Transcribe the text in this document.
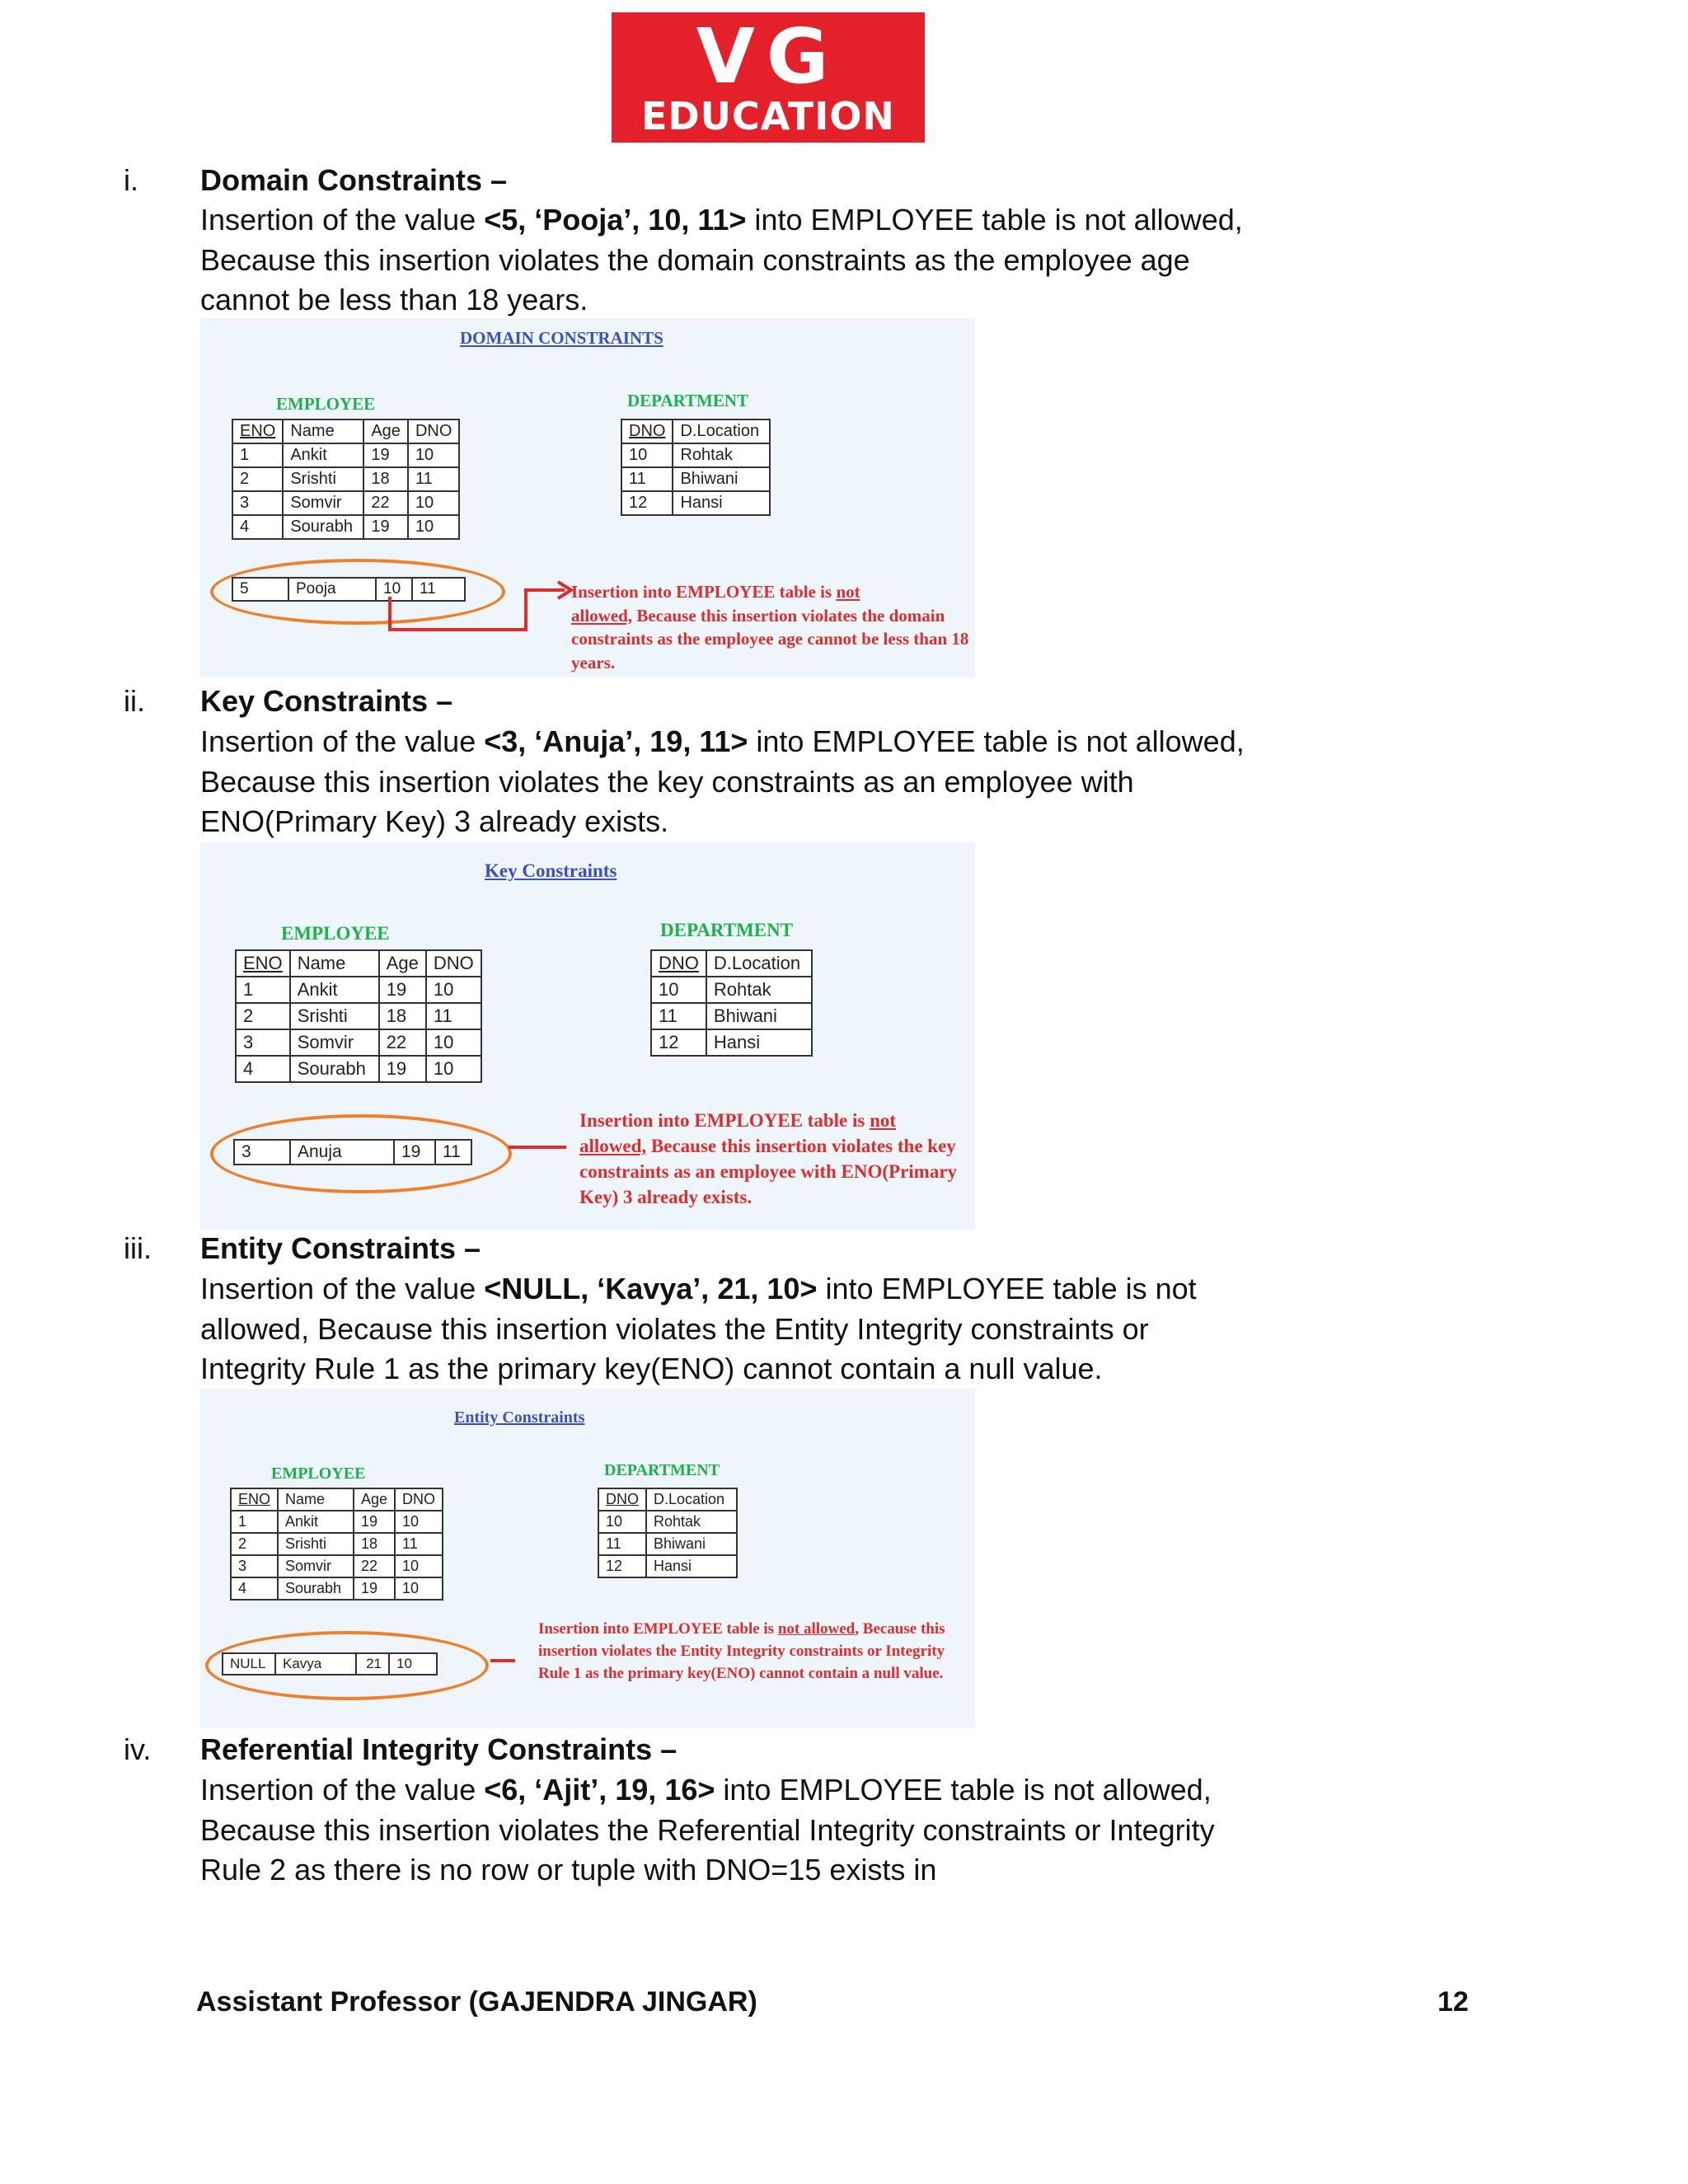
VG
EDUCATION
i.	Domain Constraints –

Insertion of the value <5, ‘Pooja’, 10, 11> into EMPLOYEE table is not allowed,

Because this insertion violates the domain constraints as the employee age cannot be less than 18 years.

DOMAIN CONSTRAINTS
EMPLOYEE	DEPARTMENT
ENO	Name	Age	DNO
1	Ankit	19	10
2	Srishti	18	11
3	Somvir	22	10
4	Sourabh	19	10
DNO	D.Location
10	Rohtak
11	Bhiwani
12	Hansi
5	Pooja	10	11	Insertion into EMPLOYEE table is not
allowed, Because this insertion violates the domain constraints as the employee age cannot be less than 18 years.
ii.	Key Constraints –

Insertion of the value <3, ‘Anuja’, 19, 11> into EMPLOYEE table is not allowed,

Because this insertion violates the key constraints as an employee with ENO(Primary Key) 3 already exists.

Key Constraints
EMPLOYEE	DEPARTMENT
ENO	Name	Age	DNO
1	Ankit	19	10
2	Srishti	18	11
3	Somvir	22	10
4	Sourabh	19	10
DNO	D.Location
10	Rohtak
11	Bhiwani
12	Hansi
3	Anuja	19	11
Insertion into EMPLOYEE table is not
allowed, Because this insertion violates the key constraints as an employee with ENO(Primary Key) 3 already exists.
iii.	Entity Constraints –

Insertion of the value <NULL, ‘Kavya’, 21, 10> into EMPLOYEE table is not

allowed, Because this insertion violates the Entity Integrity constraints or Integrity Rule 1 as the primary key(ENO) cannot contain a null value.

Entity Constraints
EMPLOYEE	DEPARTMENT
ENO	Name	Age	DNO
1	Ankit	19	10
2	Srishti	18	11
3	Somvir	22	10
4	Sourabh	19	10
DNO	D.Location
10	Rohtak
11	Bhiwani
12	Hansi
NULL	Kavya	21	10
Insertion into EMPLOYEE table is not allowed, Because this insertion violates the Entity Integrity constraints or Integrity Rule 1 as the primary key(ENO) cannot contain a null value.
iv.	Referential Integrity Constraints –

Insertion of the value <6, ‘Ajit’, 19, 16> into EMPLOYEE table is not allowed,

Because this insertion violates the Referential Integrity constraints or Integrity Rule 2 as there is no row or tuple with DNO=15 exists in

Assistant Professor (GAJENDRA JINGAR)	12
